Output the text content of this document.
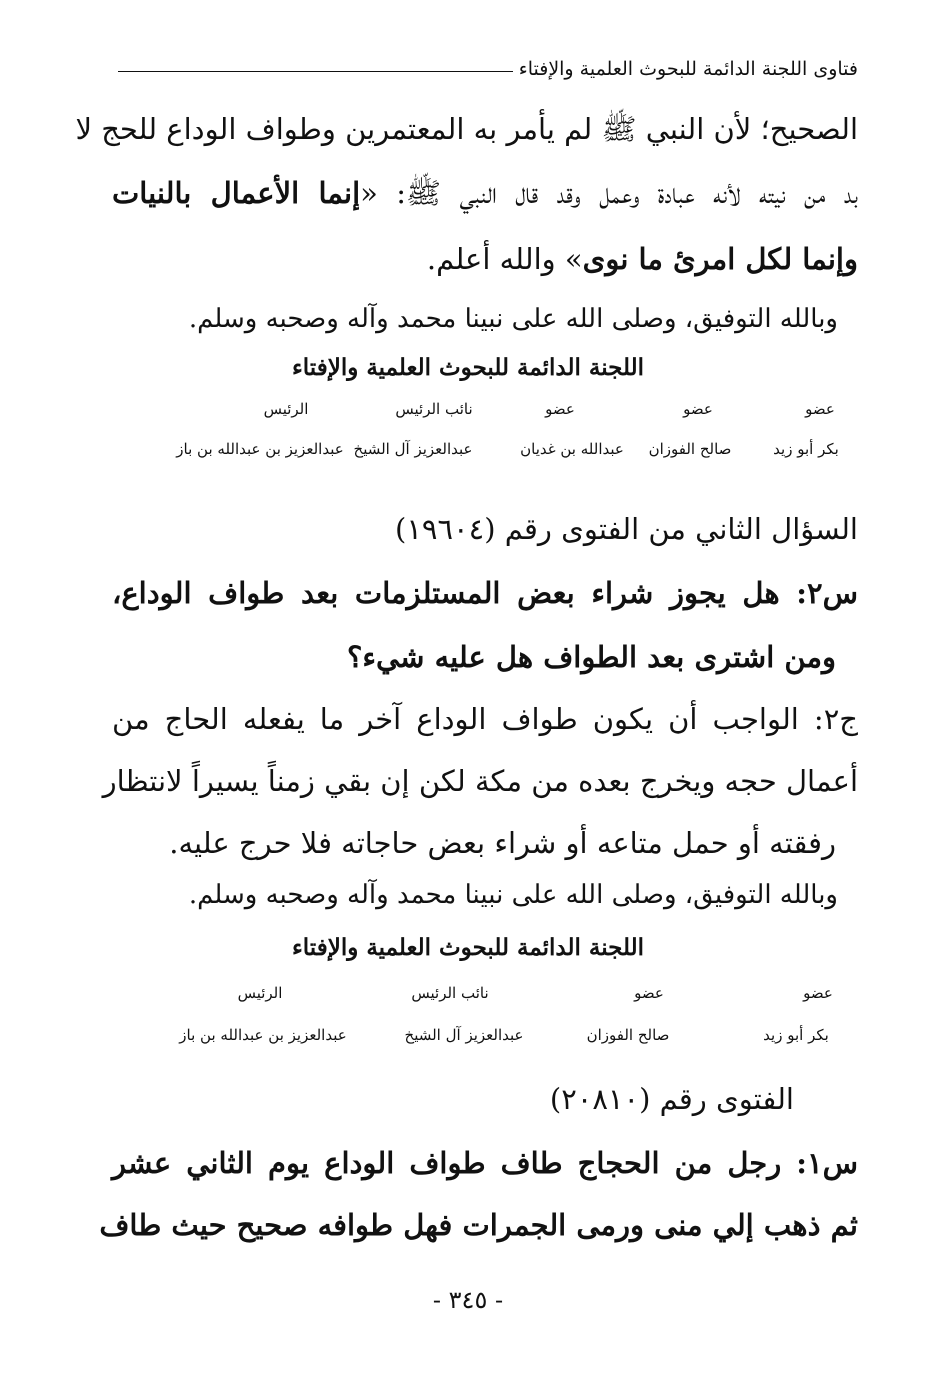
فتاوى اللجنة الدائمة للبحوث العلمية والإفتاء
الصحيح؛ لأن النبي ﷺ لم يأمر به المعتمرين وطواف الوداع للحج لا
بد من نيته لأنه عبادة وعمل وقد قال النبي ﷺ: «إنما الأعمال بالنيات
وإنما لكل امرئ ما نوى» والله أعلم.
وبالله التوفيق، وصلى الله على نبينا محمد وآله وصحبه وسلم.
اللجنة الدائمة للبحوث العلمية والإفتاء
عضو
عضو
عضو
نائب الرئيس
الرئيس
بكر أبو زيد
صالح الفوزان
عبدالله بن غديان
عبدالعزيز آل الشيخ
عبدالعزيز بن عبدالله بن باز
السؤال الثاني من الفتوى رقم (١٩٦٠٤)
س٢: هل يجوز شراء بعض المستلزمات بعد طواف الوداع،
ومن اشترى بعد الطواف هل عليه شيء؟
ج٢: الواجب أن يكون طواف الوداع آخر ما يفعله الحاج من
أعمال حجه ويخرج بعده من مكة لكن إن بقي زمناً يسيراً لانتظار
رفقته أو حمل متاعه أو شراء بعض حاجاته فلا حرج عليه.
وبالله التوفيق، وصلى الله على نبينا محمد وآله وصحبه وسلم.
اللجنة الدائمة للبحوث العلمية والإفتاء
عضو
عضو
نائب الرئيس
الرئيس
بكر أبو زيد
صالح الفوزان
عبدالعزيز آل الشيخ
عبدالعزيز بن عبدالله بن باز
الفتوى رقم (٢٠٨١٠)
س١: رجل من الحجاج طاف طواف الوداع يوم الثاني عشر
ثم ذهب إلي منى ورمى الجمرات فهل طوافه صحيح حيث طاف
- ٣٤٥ -
